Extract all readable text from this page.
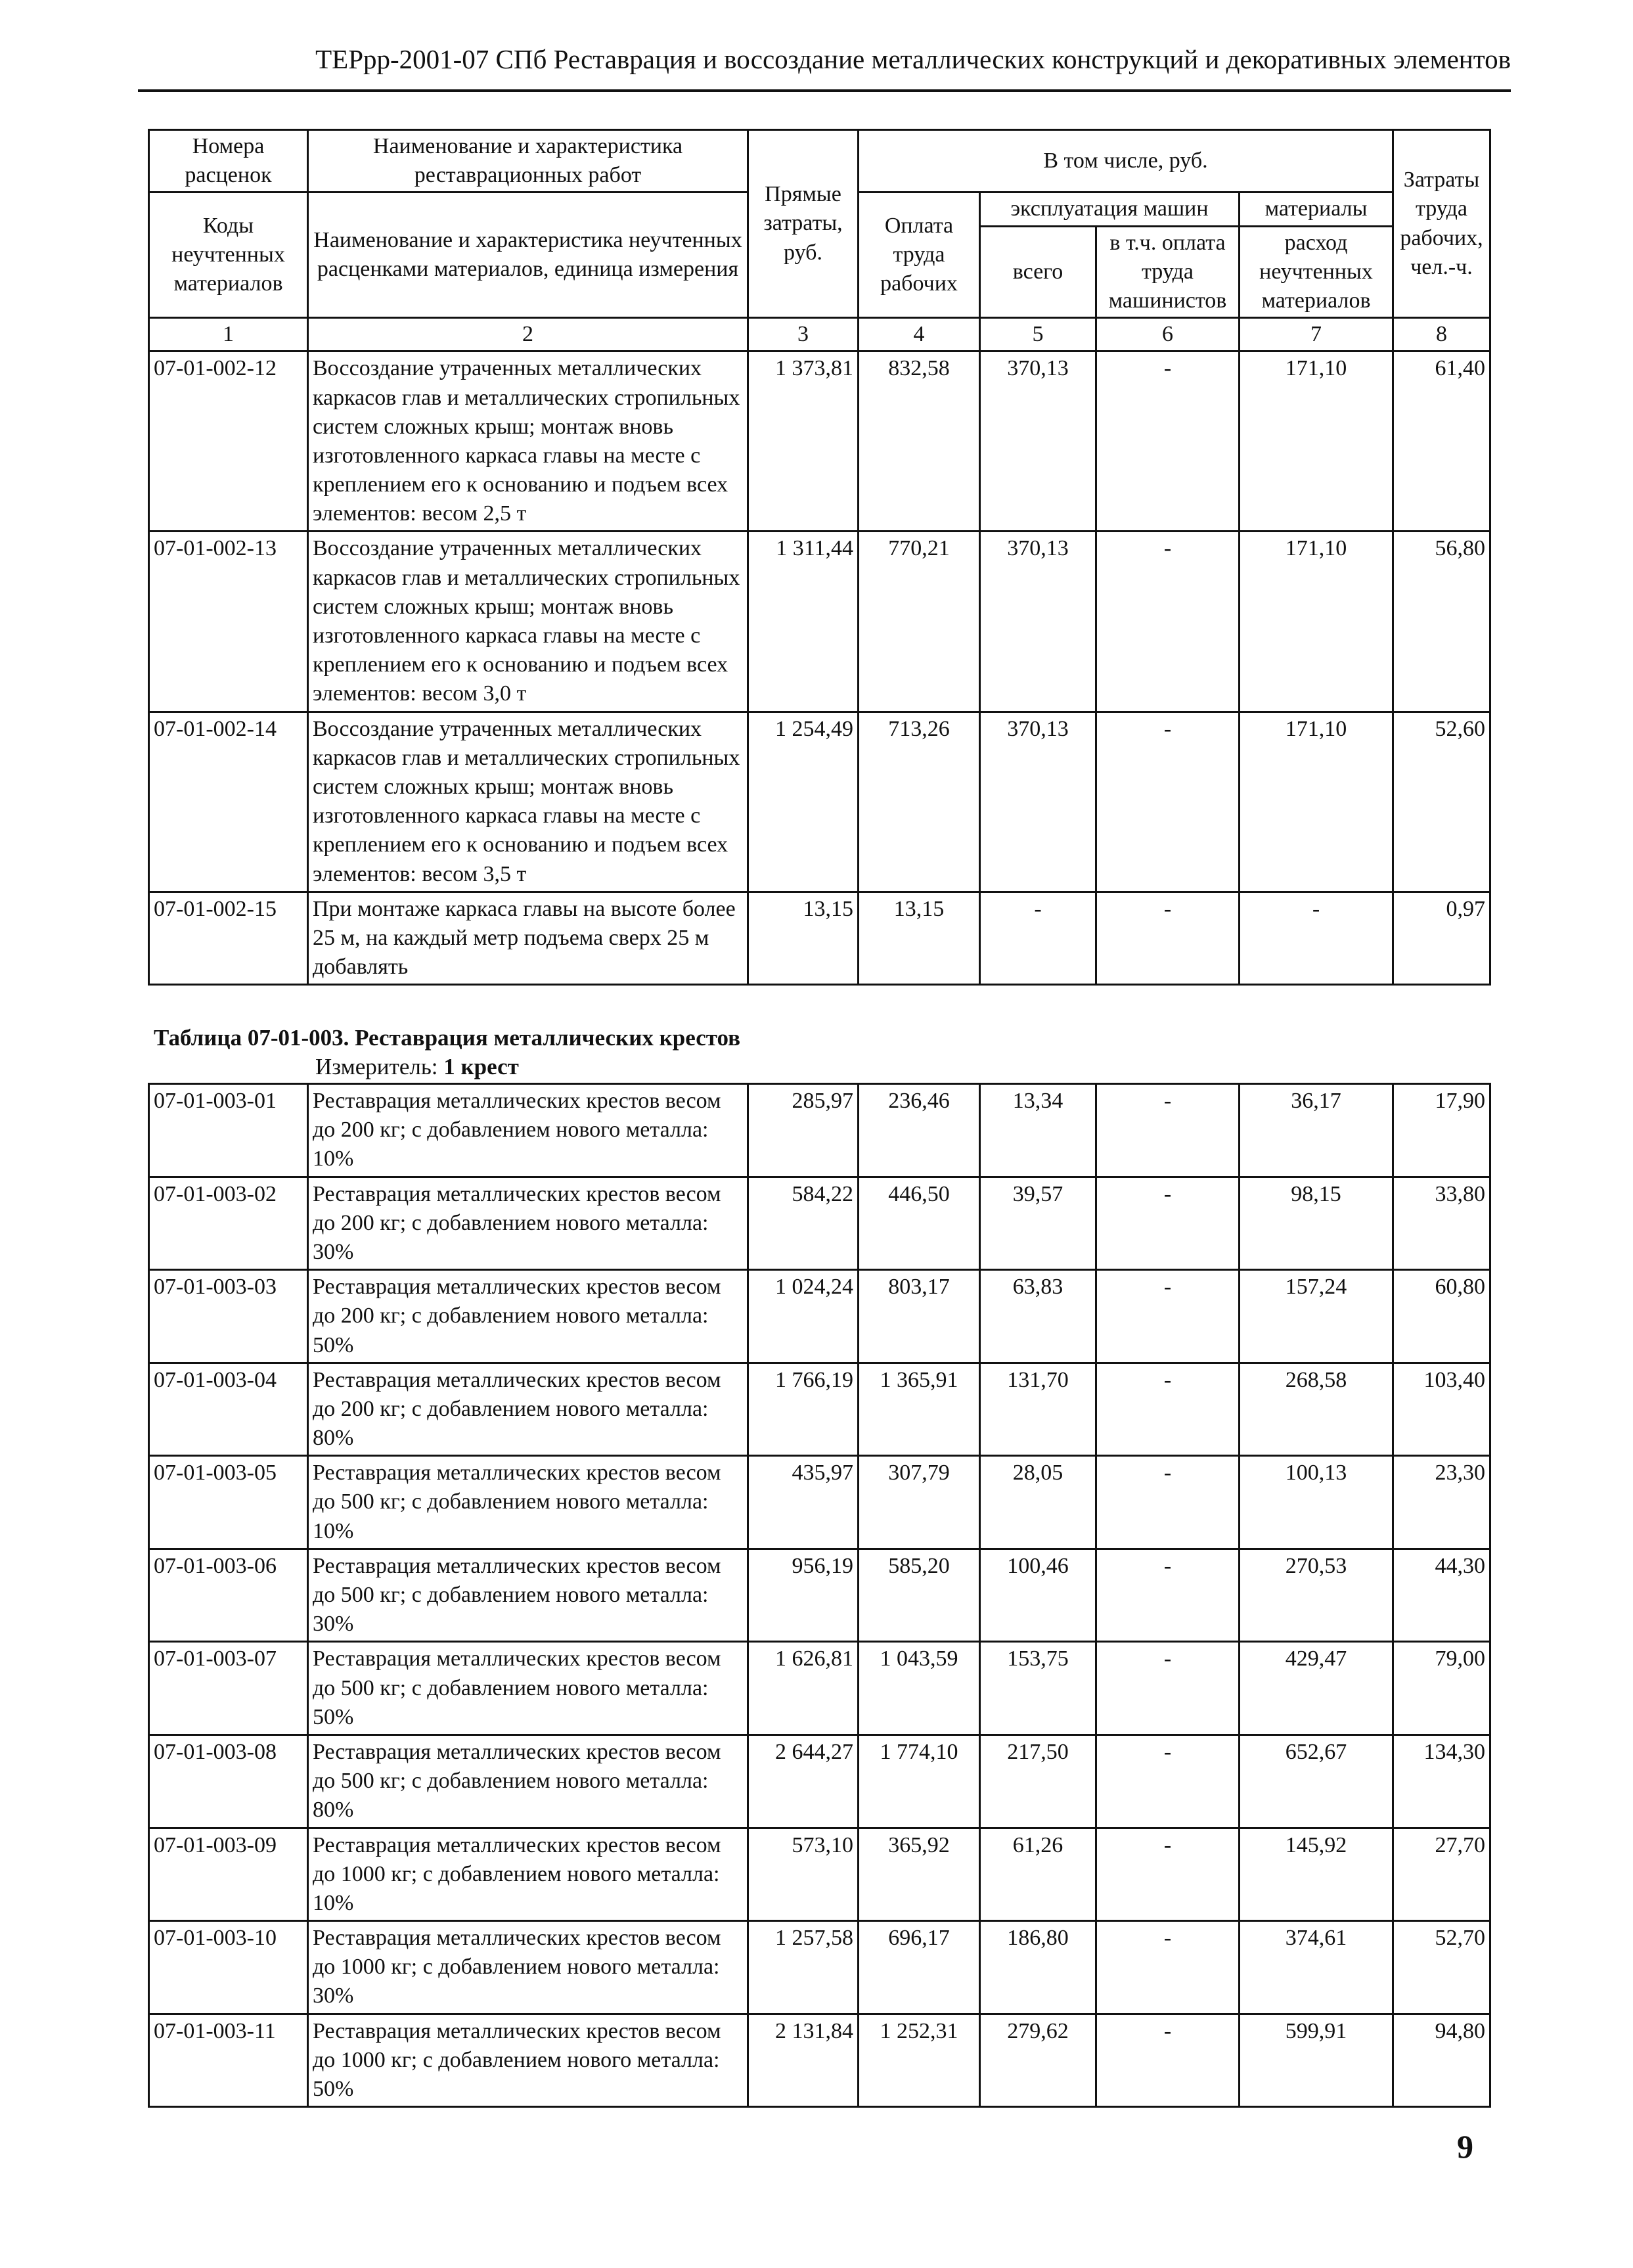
ТЕРрр-2001-07 СПб Реставрация и воссоздание металлических конструкций и декоративных элементов
Номера расценок	Наименование и характеристика реставрационных работ	Прямые затраты, руб.	В том числе, руб.				Затраты труда рабочих, чел.-ч.
Коды неучтенных материалов	Наименование и характеристика неучтенных расценками материалов, единица измерения		Оплата труда рабочих	эксплуатация машин		материалы	
				всего	в т.ч. оплата труда машинистов	расход неучтенных материалов	
1	2	3	4	5	6	7	8
07-01-002-12	Воссоздание утраченных металлических каркасов глав и металлических стропильных систем сложных крыш; монтаж вновь изготовленного каркаса главы на месте с креплением его к основанию и подъем всех элементов: весом 2,5 т	1 373,81	832,58	370,13	-	171,10	61,40
07-01-002-13	Воссоздание утраченных металлических каркасов глав и металлических стропильных систем сложных крыш; монтаж вновь изготовленного каркаса главы на месте с креплением его к основанию и подъем всех элементов: весом 3,0 т	1 311,44	770,21	370,13	-	171,10	56,80
07-01-002-14	Воссоздание утраченных металлических каркасов глав и металлических стропильных систем сложных крыш; монтаж вновь изготовленного каркаса главы на месте с креплением его к основанию и подъем всех элементов: весом 3,5 т	1 254,49	713,26	370,13	-	171,10	52,60
07-01-002-15	При монтаже каркаса главы на высоте более 25 м, на каждый метр подъема сверх 25 м добавлять	13,15	13,15	-	-	-	0,97
Таблица 07-01-003. Реставрация металлических крестов
Измеритель: 1 крест
07-01-003-01	Реставрация металлических крестов весом до 200 кг; с добавлением нового металла: 10%	285,97	236,46	13,34	-	36,17	17,90
07-01-003-02	Реставрация металлических крестов весом до 200 кг; с добавлением нового металла: 30%	584,22	446,50	39,57	-	98,15	33,80
07-01-003-03	Реставрация металлических крестов весом до 200 кг; с добавлением нового металла: 50%	1 024,24	803,17	63,83	-	157,24	60,80
07-01-003-04	Реставрация металлических крестов весом до 200 кг; с добавлением нового металла: 80%	1 766,19	1 365,91	131,70	-	268,58	103,40
07-01-003-05	Реставрация металлических крестов весом до 500 кг; с добавлением нового металла: 10%	435,97	307,79	28,05	-	100,13	23,30
07-01-003-06	Реставрация металлических крестов весом до 500 кг; с добавлением нового металла: 30%	956,19	585,20	100,46	-	270,53	44,30
07-01-003-07	Реставрация металлических крестов весом до 500 кг; с добавлением нового металла: 50%	1 626,81	1 043,59	153,75	-	429,47	79,00
07-01-003-08	Реставрация металлических крестов весом до 500 кг; с добавлением нового металла: 80%	2 644,27	1 774,10	217,50	-	652,67	134,30
07-01-003-09	Реставрация металлических крестов весом до 1000 кг; с добавлением нового металла: 10%	573,10	365,92	61,26	-	145,92	27,70
07-01-003-10	Реставрация металлических крестов весом до 1000 кг; с добавлением нового металла: 30%	1 257,58	696,17	186,80	-	374,61	52,70
07-01-003-11	Реставрация металлических крестов весом до 1000 кг; с добавлением нового металла: 50%	2 131,84	1 252,31	279,62	-	599,91	94,80
9
